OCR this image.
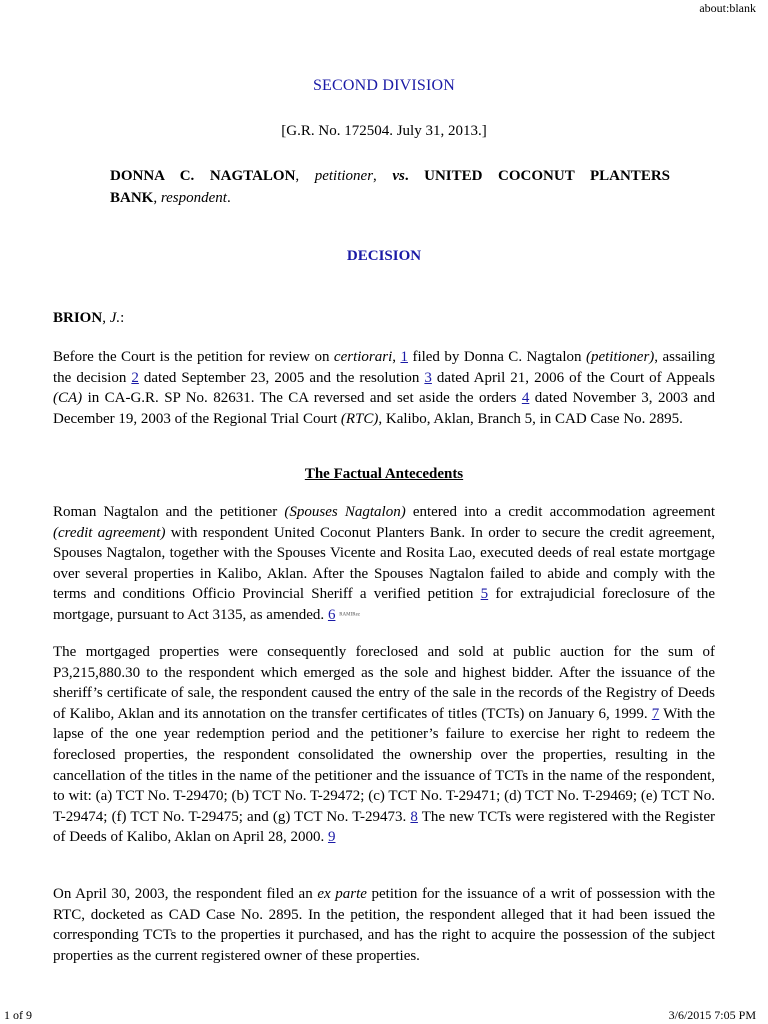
about:blank
SECOND DIVISION
[G.R. No. 172504. July 31, 2013.]
DONNA C. NAGTALON, petitioner, vs. UNITED COCONUT PLANTERS
BANK, respondent.
DECISION
BRION, J.:

Before the Court is the petition for review on certiorari, 1 filed by Donna C. Nagtalon (petitioner), assailing the decision 2 dated September 23, 2005 and the resolution 3 dated April 21, 2006 of the Court of Appeals (CA) in CA-G.R. SP No. 82631. The CA reversed and set aside the orders 4 dated November 3, 2003 and December 19, 2003 of the Regional Trial Court (RTC), Kalibo, Aklan, Branch 5, in CAD Case No. 2895.

The Factual Antecedents

Roman Nagtalon and the petitioner (Spouses Nagtalon) entered into a credit accommodation agreement (credit agreement) with respondent United Coconut Planters Bank. In order to secure the credit agreement, Spouses Nagtalon, together with the Spouses Vicente and Rosita Lao, executed deeds of real estate mortgage over several properties in Kalibo, Aklan. After the Spouses Nagtalon failed to abide and comply with the terms and conditions Officio Provincial Sheriff a verified petition 5 for extrajudicial foreclosure of the mortgage, pursuant to Act 3135, as amended. 6 RAMIRez

The mortgaged properties were consequently foreclosed and sold at public auction for the sum of P3,215,880.30 to the respondent which emerged as the sole and highest bidder. After the issuance of the sheriff’s certificate of sale, the respondent caused the entry of the sale in the records of the Registry of Deeds of Kalibo, Aklan and its annotation on the transfer certificates of titles (TCTs) on January 6, 1999. 7 With the lapse of the one year redemption period and the petitioner’s failure to exercise her right to redeem the foreclosed properties, the respondent consolidated the ownership over the properties, resulting in the cancellation of the titles in the name of the petitioner and the issuance of TCTs in the name of the respondent, to wit: (a) TCT No. T-29470; (b) TCT No. T-29472; (c) TCT No. T-29471; (d) TCT No. T-29469; (e) TCT No. T-29474; (f) TCT No. T-29475; and (g) TCT No. T-29473. 8 The new TCTs were registered with the Register of Deeds of Kalibo, Aklan on April 28, 2000. 9

On April 30, 2003, the respondent filed an ex parte petition for the issuance of a writ of possession with the RTC, docketed as CAD Case No. 2895. In the petition, the respondent alleged that it had been issued the corresponding TCTs to the properties it purchased, and has the right to acquire the possession of the subject properties as the current registered owner of these properties.

1 of 9	3/6/2015 7:05 PM
